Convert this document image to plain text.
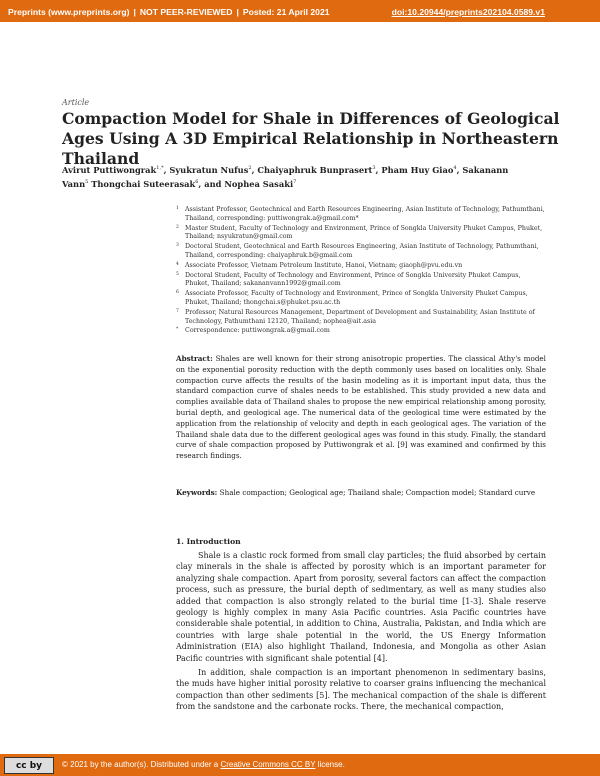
Preprints (www.preprints.org) | NOT PEER-REVIEWED | Posted: 21 April 2021	doi:10.20944/preprints202104.0589.v1
Article
Compaction Model for Shale in Differences of Geological Ages Using A 3D Empirical Relationship in Northeastern Thailand
Avirut Puttiwongrak$^{1,*}$, Syukratun Nufus$^2$, Chaiyaphruk Bunprasert$^3$, Pham Huy Giao$^4$, Sakanann Vann$^5$ Thongchai Suteerasak$^6$, and Nophea Sasaki$^7$
1 Assistant Professor, Geotechnical and Earth Resources Engineering, Asian Institute of Technology, Pathumthani, Thailand, corresponding: puttiwongrak.a@gmail.com*
2 Master Student, Faculty of Technology and Environment, Prince of Songkla University Phuket Campus, Phuket, Thailand; nsyukratun@gmail.com
3 Doctoral Student, Geotechnical and Earth Resources Engineering, Asian Institute of Technology, Pathumthani, Thailand, corresponding: chaiyaphruk.b@gmail.com
4 Associate Professor, Vietnam Petroleum Institute, Hanoi, Vietnam; giaoph@pvu.edu.vn
5 Doctoral Student, Faculty of Technology and Environment, Prince of Songkla University Phuket Campus, Phuket, Thailand; sakananvann1992@gmail.com
6 Associate Professor, Faculty of Technology and Environment, Prince of Songkla University Phuket Campus, Phuket, Thailand; thongchai.s@phuket.psu.ac.th
7 Professor, Natural Resources Management, Department of Development and Sustainability, Asian Institute of Technology, Pathumthani 12120, Thailand; nophea@ait.asia
* Correspondence: puttiwongrak.a@gmail.com
Abstract: Shales are well known for their strong anisotropic properties. The classical Athy's model on the exponential porosity reduction with the depth commonly uses based on localities only. Shale compaction curve affects the results of the basin modeling as it is important input data, thus the standard compaction curve of shales needs to be established. This study provided a new data and complies available data of Thailand shales to propose the new empirical relationship among porosity, burial depth, and geological age. The numerical data of the geological time were estimated by the application from the relationship of velocity and depth in each geological ages. The variation of the Thailand shale data due to the different geological ages was found in this study. Finally, the standard curve of shale compaction proposed by Puttiwongrak et al. [9] was examined and confirmed by this research findings.
Keywords: Shale compaction; Geological age; Thailand shale; Compaction model; Standard curve
1. Introduction

Shale is a clastic rock formed from small clay particles; the fluid absorbed by certain clay minerals in the shale is affected by porosity which is an important parameter for analyzing shale compaction. Apart from porosity, several factors can affect the compaction process, such as pressure, the burial depth of sedimentary, as well as many studies also added that compaction is also strongly related to the burial time [1-3]. Shale reserve geology is highly complex in many Asia Pacific countries. Asia Pacific countries have considerable shale potential, in addition to China, Australia, Pakistan, and India which are countries with large shale potential in the world, the US Energy Information Administration (EIA) also highlight Thailand, Indonesia, and Mongolia as other Asian Pacific countries with significant shale potential [4].

In addition, shale compaction is an important phenomenon in sedimentary basins, the muds have higher initial porosity relative to coarser grains influencing the mechanical compaction than other sediments [5]. The mechanical compaction of the shale is different from the sandstone and the carbonate rocks. There, the mechanical compaction,

cc by © 2021 by the author(s). Distributed under a Creative Commons CC BY license.
